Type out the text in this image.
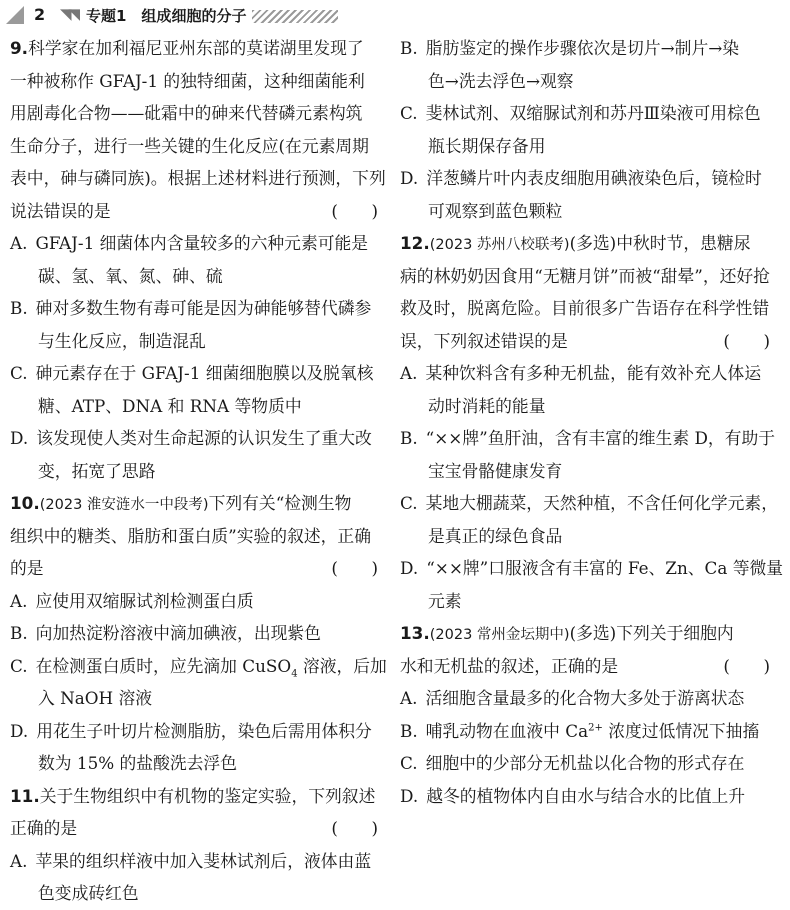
2 ◥◥ 专题1　组成细胞的分子
9.科学家在加利福尼亚州东部的莫诺湖里发现了
一种被称作 GFAJ-1 的独特细菌，这种细菌能利
用剧毒化合物——砒霜中的砷来代替磷元素构筑
生命分子，进行一些关键的生化反应(在元素周期
表中，砷与磷同族)。根据上述材料进行预测，下列
(　　)
说法错误的是
A. GFAJ-1 细菌体内含量较多的六种元素可能是
碳、氢、氧、氮、砷、硫
B. 砷对多数生物有毒可能是因为砷能够替代磷参
与生化反应，制造混乱
C. 砷元素存在于 GFAJ-1 细菌细胞膜以及脱氧核
糖、ATP、DNA 和 RNA 等物质中
D. 该发现使人类对生命起源的认识发生了重大改
变，拓宽了思路
10.(2023 淮安涟水一中段考)下列有关“检测生物
组织中的糖类、脂肪和蛋白质”实验的叙述，正确
(　　)
的是
A. 应使用双缩脲试剂检测蛋白质
B. 向加热淀粉溶液中滴加碘液，出现紫色
C. 在检测蛋白质时，应先滴加 CuSO$_4$ 溶液，后加
入 NaOH 溶液
D. 用花生子叶切片检测脂肪，染色后需用体积分
数为 15% 的盐酸洗去浮色
11.关于生物组织中有机物的鉴定实验，下列叙述
(　　)
正确的是
A. 苹果的组织样液中加入斐林试剂后，液体由蓝
色变成砖红色
B. 脂肪鉴定的操作步骤依次是切片→制片→染
色→洗去浮色→观察
C. 斐林试剂、双缩脲试剂和苏丹Ⅲ染液可用棕色
瓶长期保存备用
D. 洋葱鳞片叶内表皮细胞用碘液染色后，镜检时
可观察到蓝色颗粒
12.(2023 苏州八校联考)(多选)中秋时节，患糖尿
病的林奶奶因食用“无糖月饼”而被“甜晕”，还好抢
救及时，脱离危险。目前很多广告语存在科学性错
(　　)
误，下列叙述错误的是
A. 某种饮料含有多种无机盐，能有效补充人体运
动时消耗的能量
B. “××牌”鱼肝油，含有丰富的维生素 D，有助于
宝宝骨骼健康发育
C. 某地大棚蔬菜，天然种植，不含任何化学元素，
是真正的绿色食品
D. “××牌”口服液含有丰富的 Fe、Zn、Ca 等微量
元素
13.(2023 常州金坛期中)(多选)下列关于细胞内
(　　)
水和无机盐的叙述，正确的是
A. 活细胞含量最多的化合物大多处于游离状态
B. 哺乳动物在血液中 $Ca^{2+}$ 浓度过低情况下抽搐
C. 细胞中的少部分无机盐以化合物的形式存在
D. 越冬的植物体内自由水与结合水的比值上升
